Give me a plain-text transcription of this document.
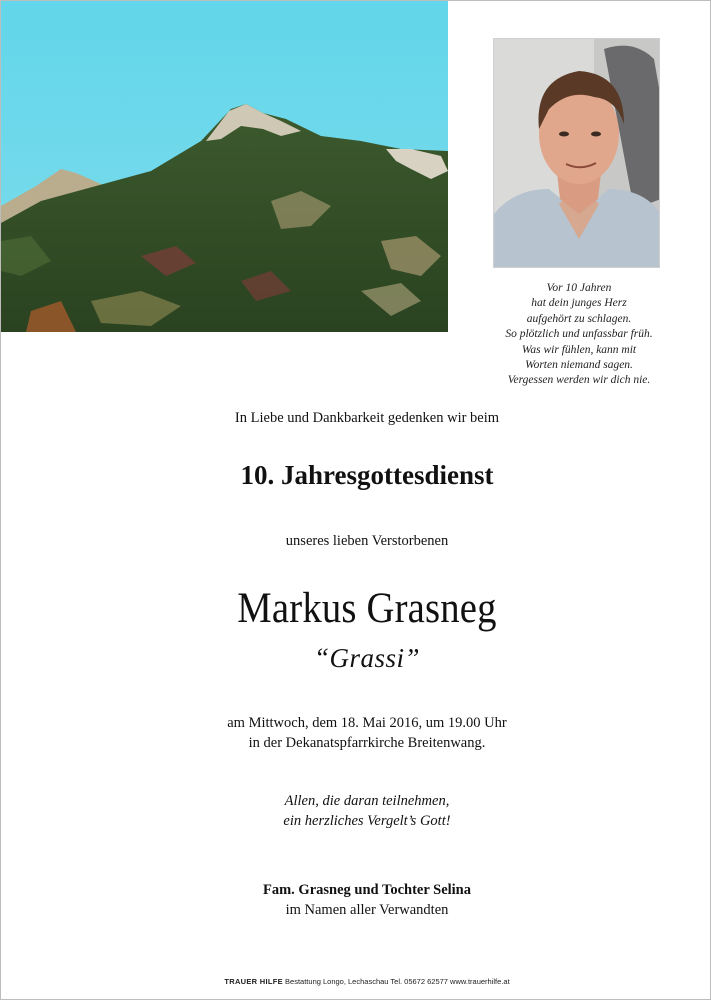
Vor 10 Jahren
hat dein junges Herz
aufgehört zu schlagen.
So plötzlich und unfassbar früh.
Was wir fühlen, kann mit
Worten niemand sagen.
Vergessen werden wir dich nie.
In Liebe und Dankbarkeit gedenken wir beim
10. Jahresgottesdienst
unseres lieben Verstorbenen
Markus Grasneg
“Grassi”
am Mittwoch, dem 18. Mai 2016, um 19.00 Uhr
in der Dekanatspfarrkirche Breitenwang.
Allen, die daran teilnehmen,
ein herzliches Vergelt’s Gott!
Fam. Grasneg und Tochter Selina
im Namen aller Verwandten
TRAUER HILFE Bestattung Longo, Lechaschau Tel. 05672 62577 www.trauerhilfe.at
